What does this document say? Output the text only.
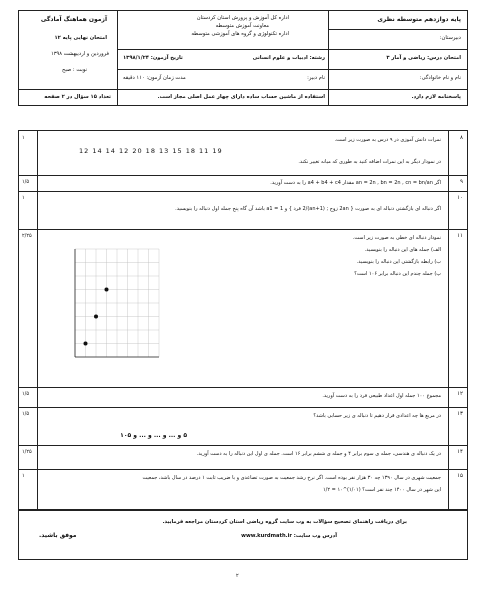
پایه دوازدهم متوسطه نظری
دبیرستان:
امتحان درس: ریاضی و آمار ۳
نام و نام خانوادگی:
پاسخنامه لازم دارد.
اداره کل آموزش و پرورش استان کردستان
معاونت آموزش متوسطه
اداره تکنولوژی و گروه های آموزشی متوسطه
رشته: ادبیات و علوم انسانی
تاریخ آزمون: ۱۳۹۸/۱/۲۴
نام دبیر:
مدت زمان آزمون: ۱۱۰ دقیقه
استفاده از ماشین حساب ساده دارای چهار عمل اصلی مجاز است.
آزمون هماهنگ آمادگی
امتحان نهایی پایه ۱۲
فروردین و اردیبهشت ۱۳۹۸
نوبت : صبح
تعداد ۱۵ سؤال در ۲ صفحه
۸
۱	نمرات دانش آموزی در ۹ درس به صورت زیر است.
12 14 14 12 20 18 13 15 18 11 19
در نمودار دیگر به این نمرات اضافه کنید به طوری که میانه تغییر نکند.
۹
۱/۵	اگر an = 2n , bn = 2n , cn = bn/an مقدار a4 + b4 + c4 را به دست آورید.
۱۰
۱
اگر دنباله ای بازگشتی دنباله ای به صورت { 2an زوج ; (an+1)/2 فرد } و a1 = 1 باشد آن گاه پنج جمله اول دنباله را بنویسید.
۱۱
۲/۲۵	نمودار دنباله ای خطی به صورت زیر است.
الف) جمله های این دنباله را بنویسید.
ب) رابطه بازگشتی این دنباله را بنویسید.
پ) جمله چندم این دنباله برابر ۱۰۶ است؟
۱۲
۱/۵	مجموع ۱۰۰ جمله اول اعداد طبیعی فرد را به دست آورید.
۱۳
۱/۵	در مربع ها چه اعدادی قرار دهیم تا دنباله ی زیر حسابی باشد؟
۵ و ... و ... و ... و ۱۰۵
۱۴
۱/۲۵	در یک دنباله ی هندسی، جمله ی سوم برابر ۴ و جمله ی ششم برابر ۱۶ است. جمله ی اول این دنباله را به دست آورید.
۱۵
۱	جمعیت شهری در سال ۱۳۹۰ چه ۳۰ هزار نفر بوده است. اگر نرخ رشد جمعیت به صورت تصاعدی و با ضریب ثابت ۱ درصد در سال باشد، جمعیت
این شهر در سال ۱۴۰۰ چند نفر است؟ (۱/۰۱)^۱۰ = ۱/۲
برای دریافت راهنمای تصحیح سؤالات به وب سایت گروه ریاضی استان کردستان مراجعه فرمایید.
آدرس وب سایت: www.kurdmath.ir
موفق باشید.
۲
